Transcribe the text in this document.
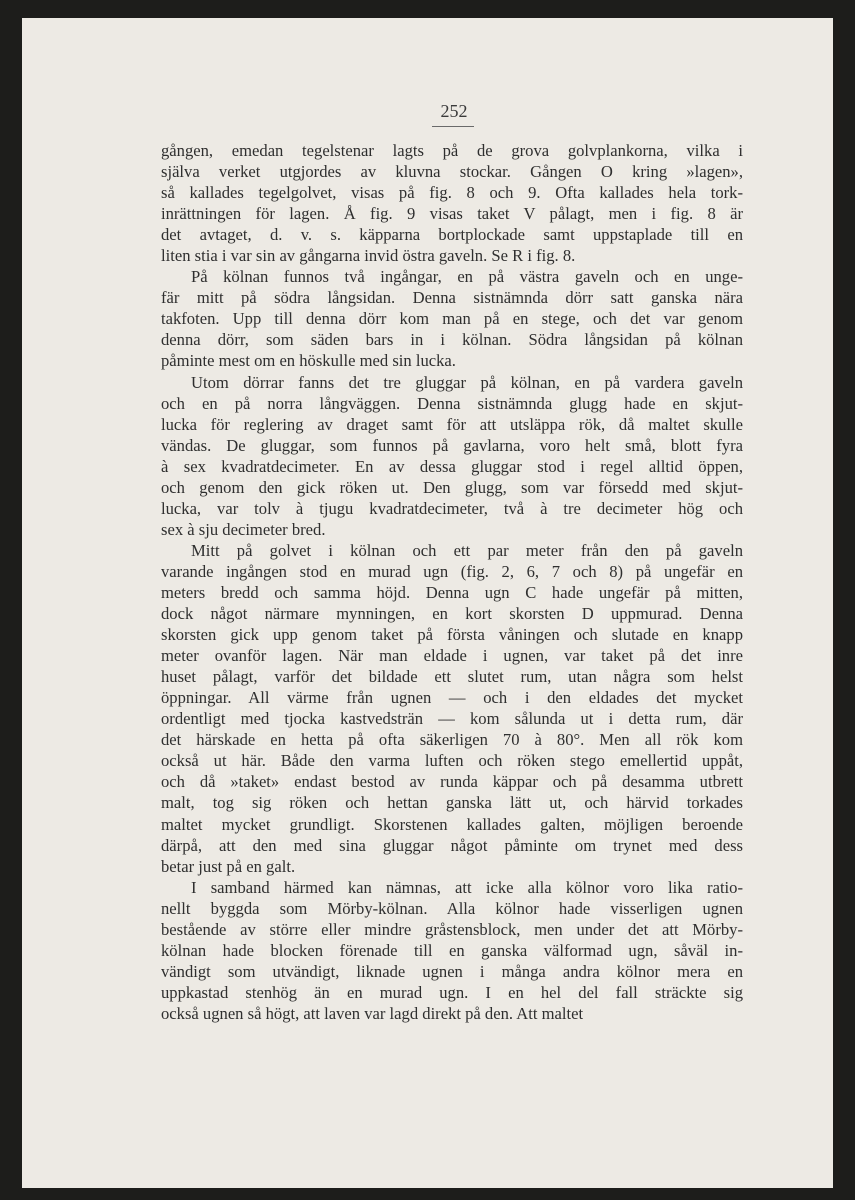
252
gången, emedan tegelstenar lagts på de grova golvplankorna, vilka i
själva verket utgjordes av kluvna stockar. Gången O kring »lagen»,
så kallades tegelgolvet, visas på fig. 8 och 9. Ofta kallades hela tork-
inrättningen för lagen. Å fig. 9 visas taket V pålagt, men i fig. 8 är
det avtaget, d. v. s. käpparna bortplockade samt uppstaplade till en
liten stia i var sin av gångarna invid östra gaveln. Se R i fig. 8.
På kölnan funnos två ingångar, en på västra gaveln och en unge-
fär mitt på södra långsidan. Denna sistnämnda dörr satt ganska nära
takfoten. Upp till denna dörr kom man på en stege, och det var genom
denna dörr, som säden bars in i kölnan. Södra långsidan på kölnan
påminte mest om en höskulle med sin lucka.
Utom dörrar fanns det tre gluggar på kölnan, en på vardera gaveln
och en på norra långväggen. Denna sistnämnda glugg hade en skjut-
lucka för reglering av draget samt för att utsläppa rök, då maltet skulle
vändas. De gluggar, som funnos på gavlarna, voro helt små, blott fyra
à sex kvadratdecimeter. En av dessa gluggar stod i regel alltid öppen,
och genom den gick röken ut. Den glugg, som var försedd med skjut-
lucka, var tolv à tjugu kvadratdecimeter, två à tre decimeter hög och
sex à sju decimeter bred.
Mitt på golvet i kölnan och ett par meter från den på gaveln
varande ingången stod en murad ugn (fig. 2, 6, 7 och 8) på ungefär en
meters bredd och samma höjd. Denna ugn C hade ungefär på mitten,
dock något närmare mynningen, en kort skorsten D uppmurad. Denna
skorsten gick upp genom taket på första våningen och slutade en knapp
meter ovanför lagen. När man eldade i ugnen, var taket på det inre
huset pålagt, varför det bildade ett slutet rum, utan några som helst
öppningar. All värme från ugnen — och i den eldades det mycket
ordentligt med tjocka kastvedsträn — kom sålunda ut i detta rum, där
det härskade en hetta på ofta säkerligen 70 à 80°. Men all rök kom
också ut här. Både den varma luften och röken stego emellertid uppåt,
och då »taket» endast bestod av runda käppar och på desamma utbrett
malt, tog sig röken och hettan ganska lätt ut, och härvid torkades
maltet mycket grundligt. Skorstenen kallades galten, möjligen beroende
därpå, att den med sina gluggar något påminte om trynet med dess
betar just på en galt.
I samband härmed kan nämnas, att icke alla kölnor voro lika ratio-
nellt byggda som Mörby-kölnan. Alla kölnor hade visserligen ugnen
bestående av större eller mindre gråstensblock, men under det att Mörby-
kölnan hade blocken förenade till en ganska välformad ugn, såväl in-
vändigt som utvändigt, liknade ugnen i många andra kölnor mera en
uppkastad stenhög än en murad ugn. I en hel del fall sträckte sig
också ugnen så högt, att laven var lagd direkt på den. Att maltet
